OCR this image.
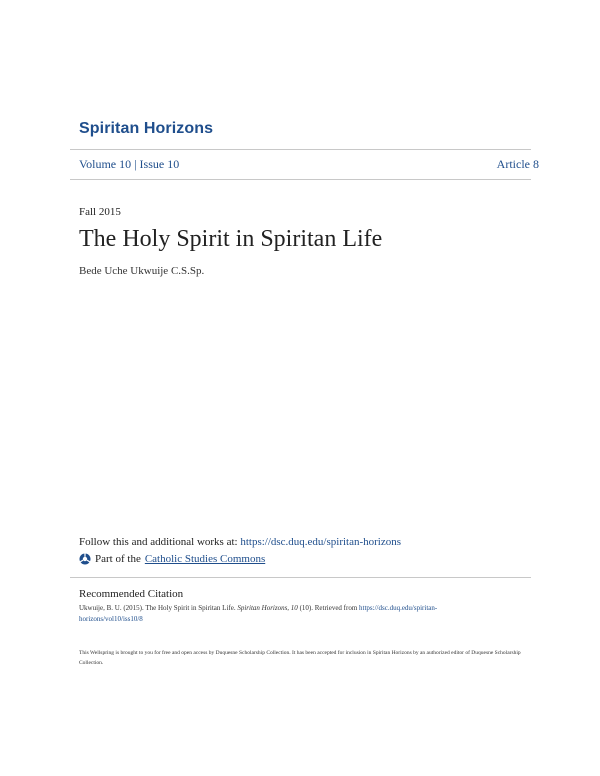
Spiritan Horizons
Volume 10 | Issue 10	Article 8
Fall 2015
The Holy Spirit in Spiritan Life
Bede Uche Ukwuije C.S.Sp.
Follow this and additional works at: https://dsc.duq.edu/spiritan-horizons
Part of the Catholic Studies Commons
Recommended Citation
Ukwuije, B. U. (2015). The Holy Spirit in Spiritan Life. Spiritan Horizons, 10 (10). Retrieved from https://dsc.duq.edu/spiritan-
horizons/vol10/iss10/8
This Wellspring is brought to you for free and open access by Duquesne Scholarship Collection. It has been accepted for inclusion in Spiritan Horizons by an authorized editor of Duquesne Scholarship Collection.
